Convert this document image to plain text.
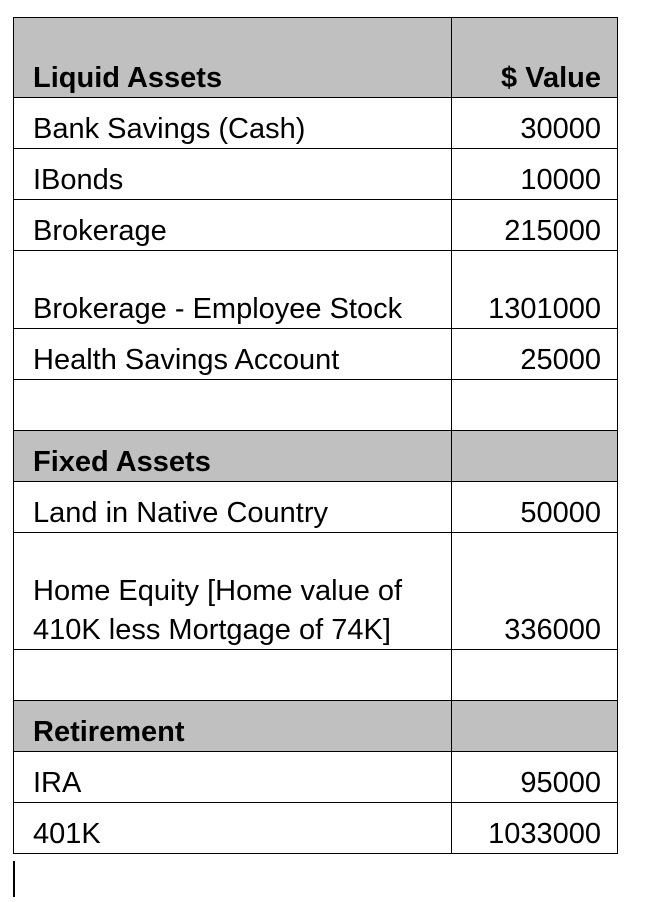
Liquid Assets	$ Value
Bank Savings (Cash)	30000
IBonds	10000
Brokerage	215000
Brokerage - Employee Stock	1301000
Health Savings Account	25000

Fixed Assets	
Land in Native Country	50000
Home Equity [Home value of 410K less Mortgage of 74K]	336000

Retirement	
IRA	95000
401K	1033000
